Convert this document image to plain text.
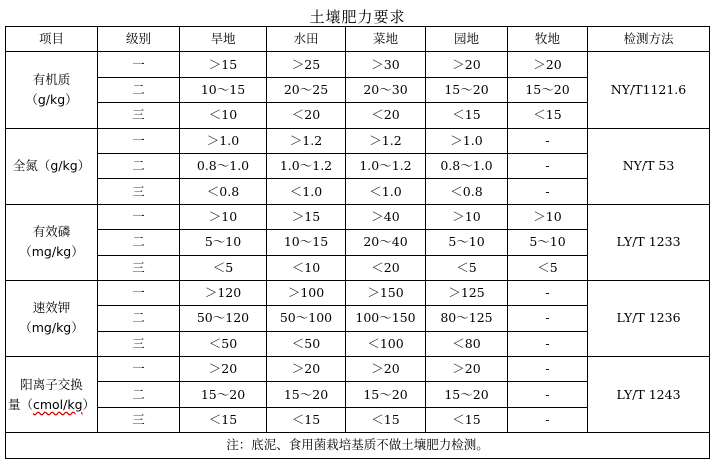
土壤肥力要求
项目	级别	旱地	水田	菜地	园地	牧地	检测方法

有机质
（g/kg）	一	＞15	＞25	＞30	＞20	＞20	NY/T1121.6
	二	10～15	20～25	20～30	15～20	15～20	
	三	＜10	＜20	＜20	＜15	＜15	

全氮（g/kg）	一	＞1.0	＞1.2	＞1.2	＞1.0	-	NY/T 53
	二	0.8～1.0	1.0～1.2	1.0～1.2	0.8～1.0	-	
	三	＜0.8	＜1.0	＜1.0	＜0.8	-	

有效磷
（mg/kg）	一	＞10	＞15	＞40	＞10	＞10	LY/T 1233
	二	5～10	10～15	20～40	5～10	5～10	
	三	＜5	＜10	＜20	＜5	＜5	

速效钾
（mg/kg）	一	＞120	＞100	＞150	＞125	-	LY/T 1236
	二	50～120	50～100	100～150	80～125	-	
	三	＜50	＜50	＜100	＜80	-	

阳离子交换
量（cmol/kg）	一	＞20	＞20	＞20	＞20	-	LY/T 1243
	二	15～20	15～20	15～20	15～20	-	
	三	＜15	＜15	＜15	＜15	-	
注：底泥、食用菌栽培基质不做土壤肥力检测。							
